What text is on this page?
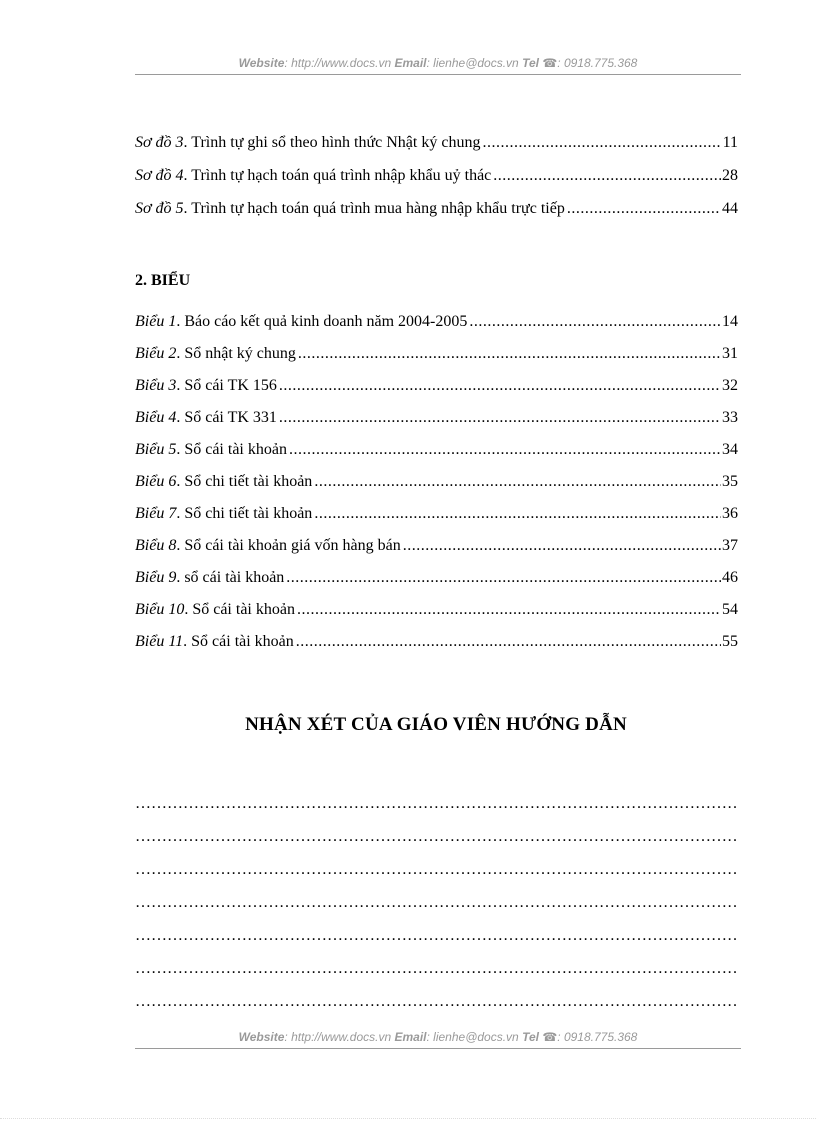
Website: http://www.docs.vn Email: lienhe@docs.vn Tel ☎: 0918.775.368
Sơ đồ 3 . Trình tự ghi sổ theo hình thức Nhật ký chung .....	11
Sơ đồ 4 . Trình tự hạch toán quá trình nhập khẩu uỷ thác .....	28
Sơ đồ 5 . Trình tự hạch toán quá trình mua hàng nhập khẩu trực tiếp .....	44
2. BIỂU
Biểu 1 . Báo cáo kết quả kinh doanh năm 2004-2005 .....	14
Biểu 2 . Sổ nhật ký chung .....	31
Biểu 3 . Sổ cái TK 156 .....	32
Biểu 4 . Sổ cái TK 331 .....	33
Biểu 5 . Sổ cái tài khoản .....	34
Biểu 6 . Sổ chi tiết tài khoản .....	35
Biểu 7 . Sổ chi tiết tài khoản .....	36
Biểu 8 . Sổ cái tài khoản giá vốn hàng bán .....	37
Biểu 9 . sổ cái tài khoản .....	46
Biểu 10 . Sổ cái tài khoản .....	54
Biểu 11 . Sổ cái tài khoản .....	55
NHẬN XÉT CỦA GIÁO VIÊN HƯỚNG DẪN
……………………………………………………………………………………………………………
……………………………………………………………………………………………………………
……………………………………………………………………………………………………………
……………………………………………………………………………………………………………
……………………………………………………………………………………………………………
……………………………………………………………………………………………………………
……………………………………………………………………………………………………………
Website: http://www.docs.vn Email: lienhe@docs.vn Tel ☎: 0918.775.368
